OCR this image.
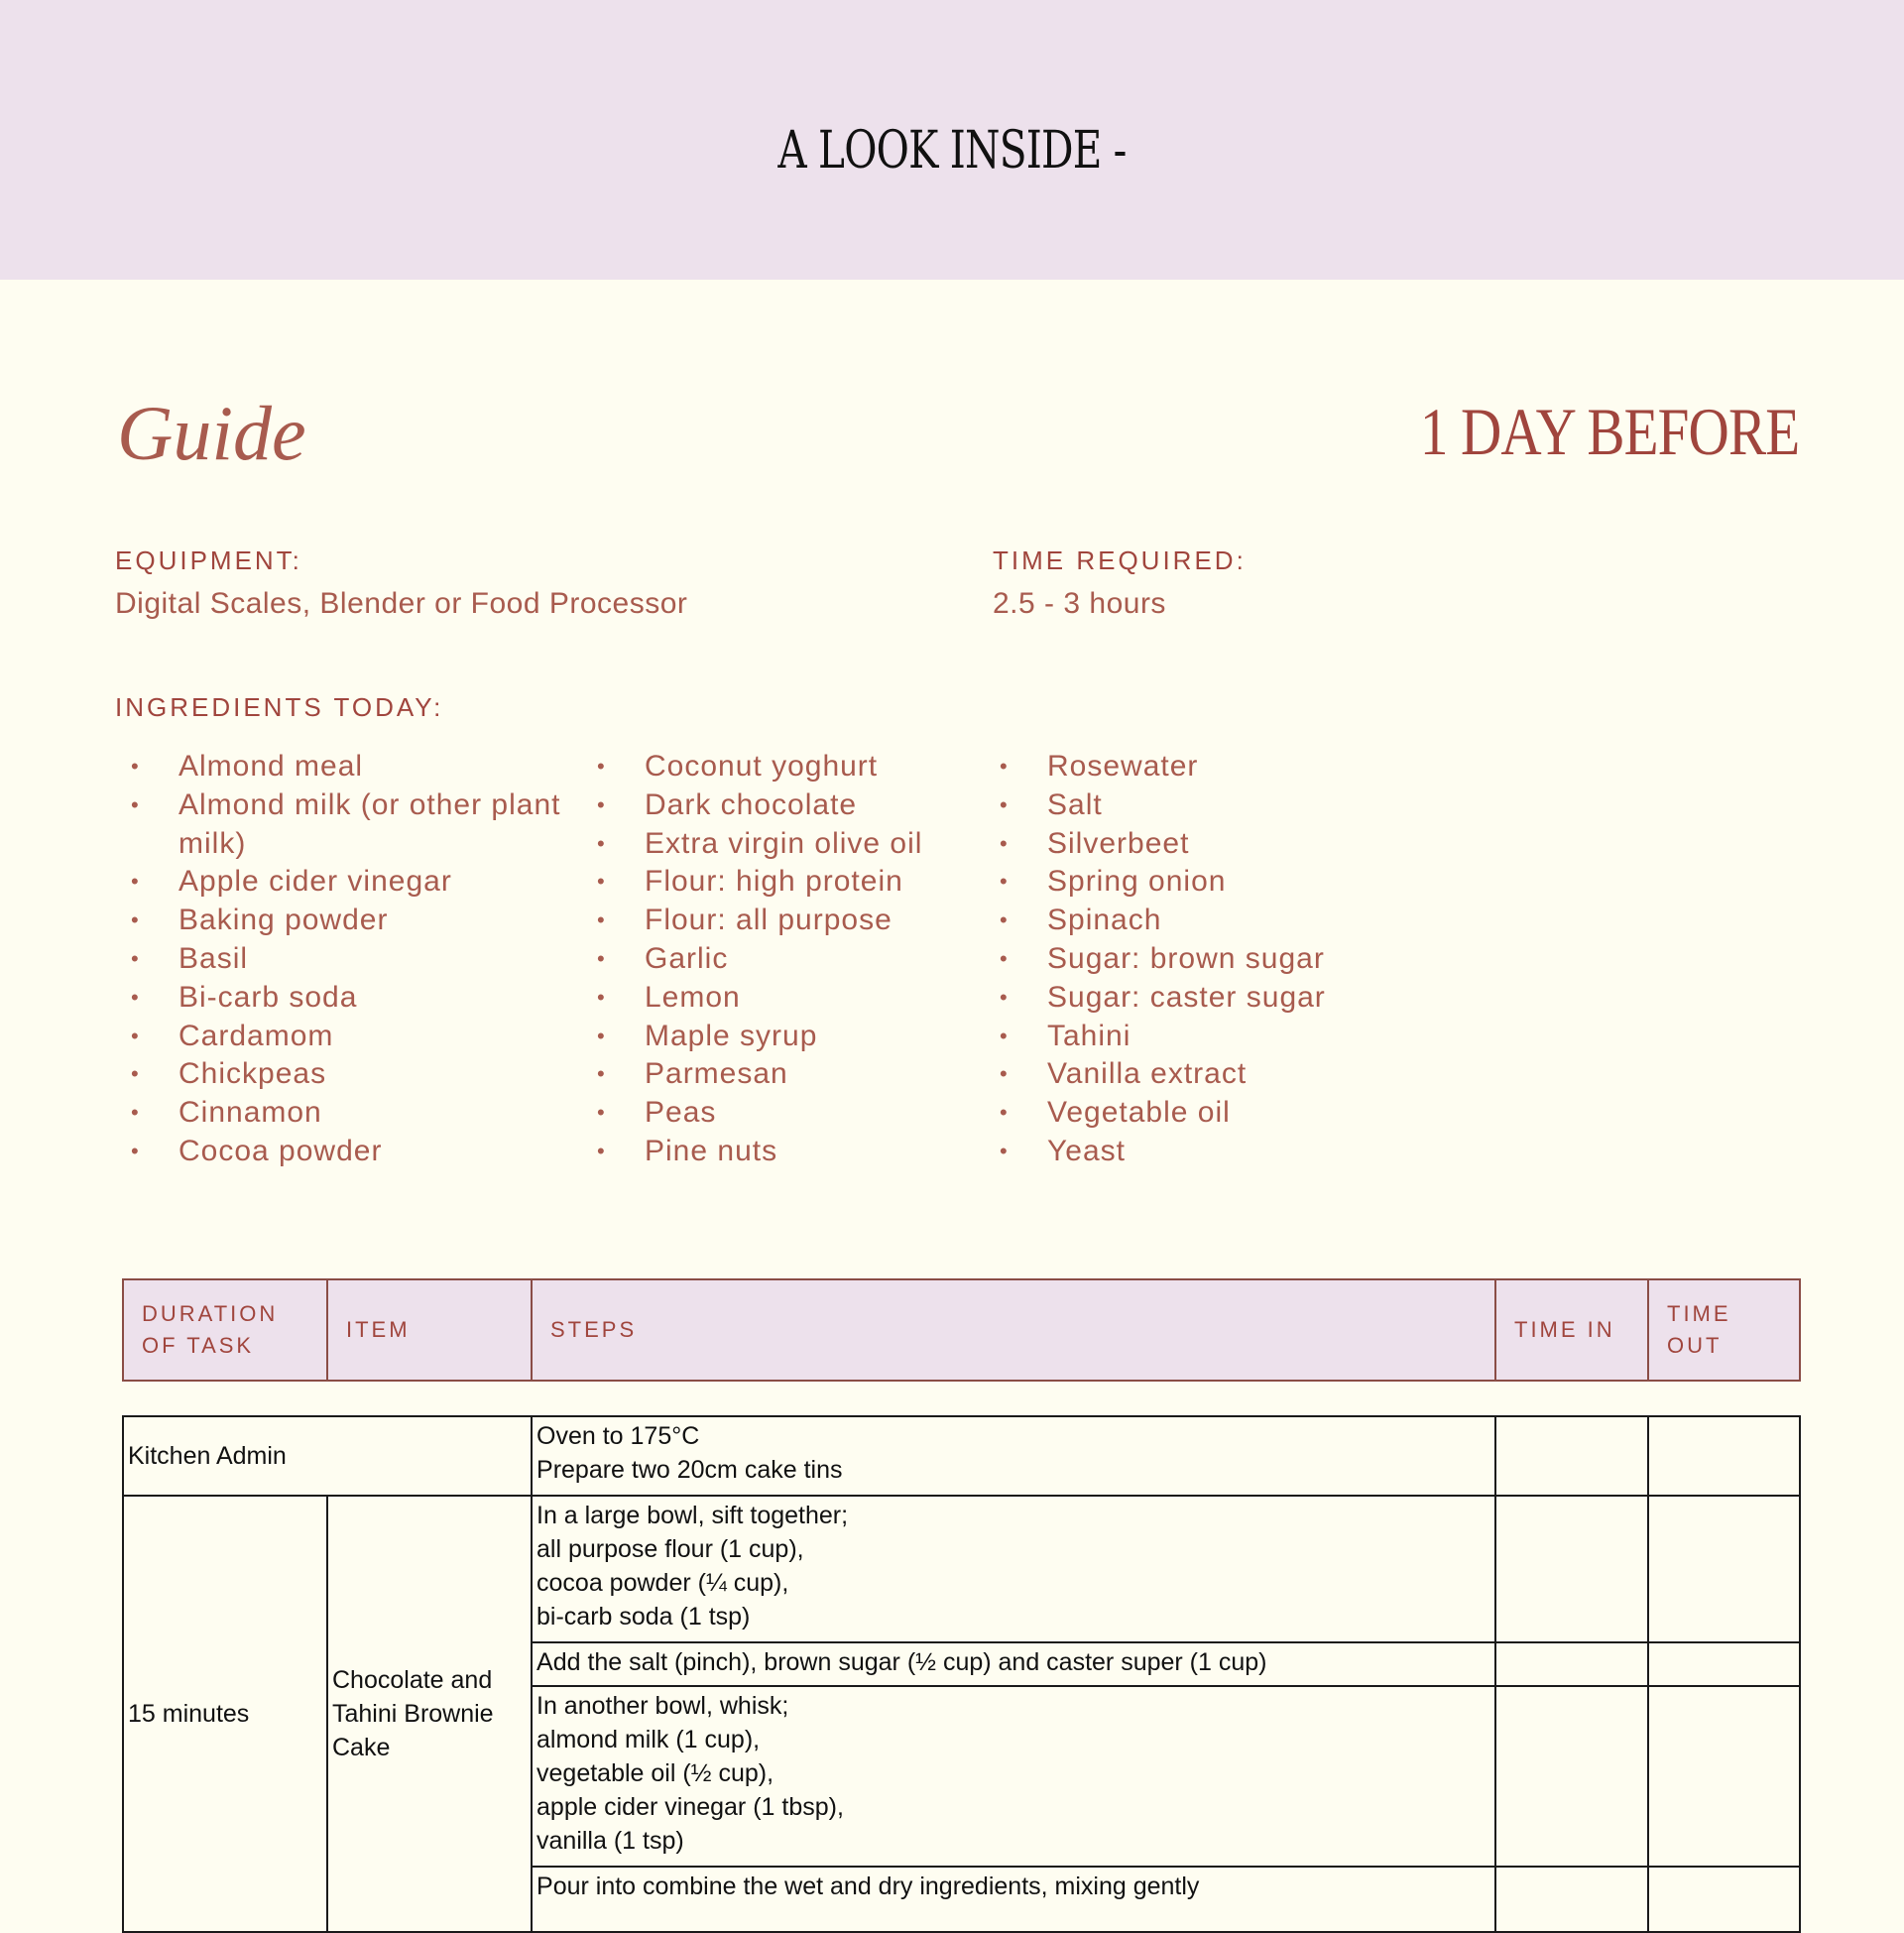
A LOOK INSIDE -
Guide	1 DAY BEFORE
EQUIPMENT:
Digital Scales, Blender or Food Processor
TIME REQUIRED:
2.5 - 3 hours
INGREDIENTS TODAY:
• Almond meal
• Almond milk (or other plant milk)
• Apple cider vinegar
• Baking powder
• Basil
• Bi-carb soda
• Cardamom
• Chickpeas
• Cinnamon
• Cocoa powder
• Coconut yoghurt
• Dark chocolate
• Extra virgin olive oil
• Flour: high protein
• Flour: all purpose
• Garlic
• Lemon
• Maple syrup
• Parmesan
• Peas
• Pine nuts
• Rosewater
• Salt
• Silverbeet
• Spring onion
• Spinach
• Sugar: brown sugar
• Sugar: caster sugar
• Tahini
• Vanilla extract
• Vegetable oil
• Yeast
DURATION OF TASK	ITEM	STEPS	TIME IN	TIME OUT
Kitchen Admin		Oven to 175°C
Prepare two 20cm cake tins		

15 minutes	Chocolate and Tahini Brownie Cake	In a large bowl, sift together;
all purpose flour (1 cup),
cocoa powder (¼ cup),
bi-carb soda (1 tsp)		

		Add the salt (pinch), brown sugar (½ cup) and caster super (1 cup)		

		In another bowl, whisk;
almond milk (1 cup),
vegetable oil (½ cup),
apple cider vinegar (1 tbsp),
vanilla (1 tsp)		

		Pour into combine the wet and dry ingredients, mixing gently		
